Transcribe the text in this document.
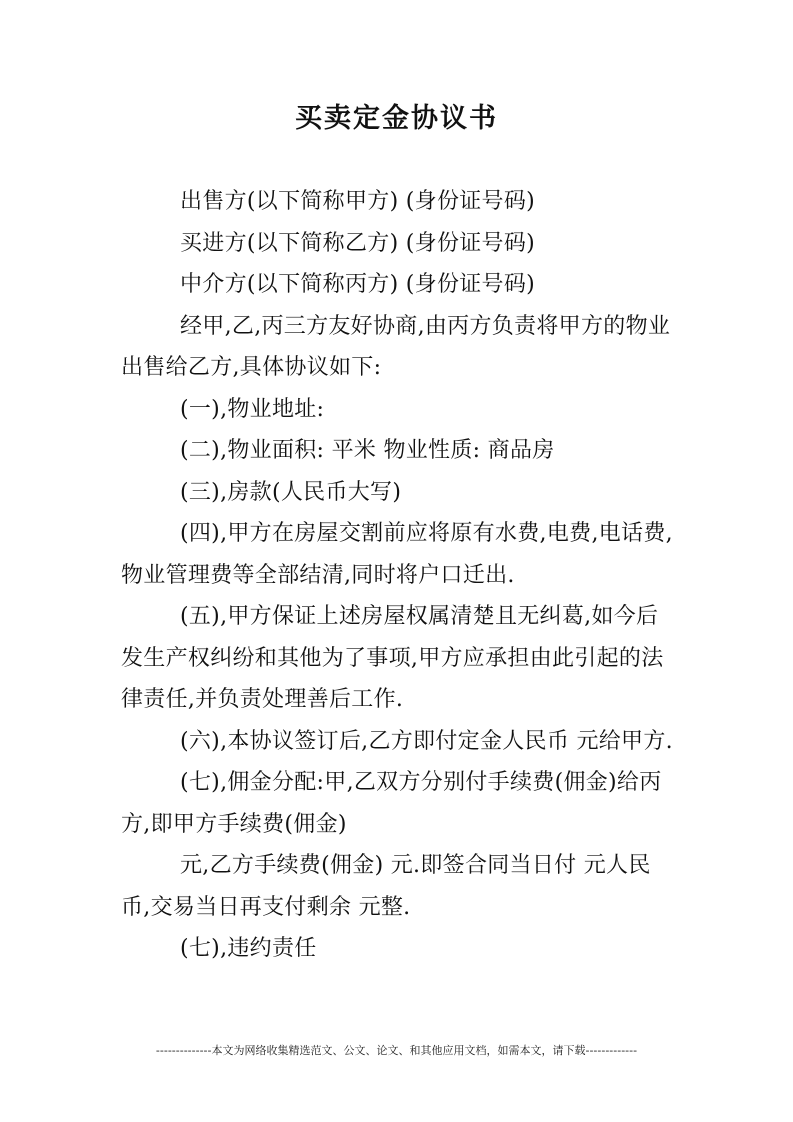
买卖定金协议书

出售方(以下简称甲方) (身份证号码)

买进方(以下简称乙方) (身份证号码)

中介方(以下简称丙方) (身份证号码)

经甲,乙,丙三方友好协商,由丙方负责将甲方的物业出售给乙方,具体协议如下:

(一),物业地址:

(二),物业面积: 平米 物业性质: 商品房

(三),房款(人民币大写)

(四),甲方在房屋交割前应将原有水费,电费,电话费,物业管理费等全部结清,同时将户口迁出.

(五),甲方保证上述房屋权属清楚且无纠葛,如今后发生产权纠纷和其他为了事项,甲方应承担由此引起的法律责任,并负责处理善后工作.

(六),本协议签订后,乙方即付定金人民币 元给甲方.

(七),佣金分配:甲,乙双方分别付手续费(佣金)给丙方,即甲方手续费(佣金)

元,乙方手续费(佣金) 元.即签合同当日付 元人民币,交易当日再支付剩余 元整.

(七),违约责任

--------------本文为网络收集精选范文、公文、论文、和其他应用文档，如需本文，请下载-------------
